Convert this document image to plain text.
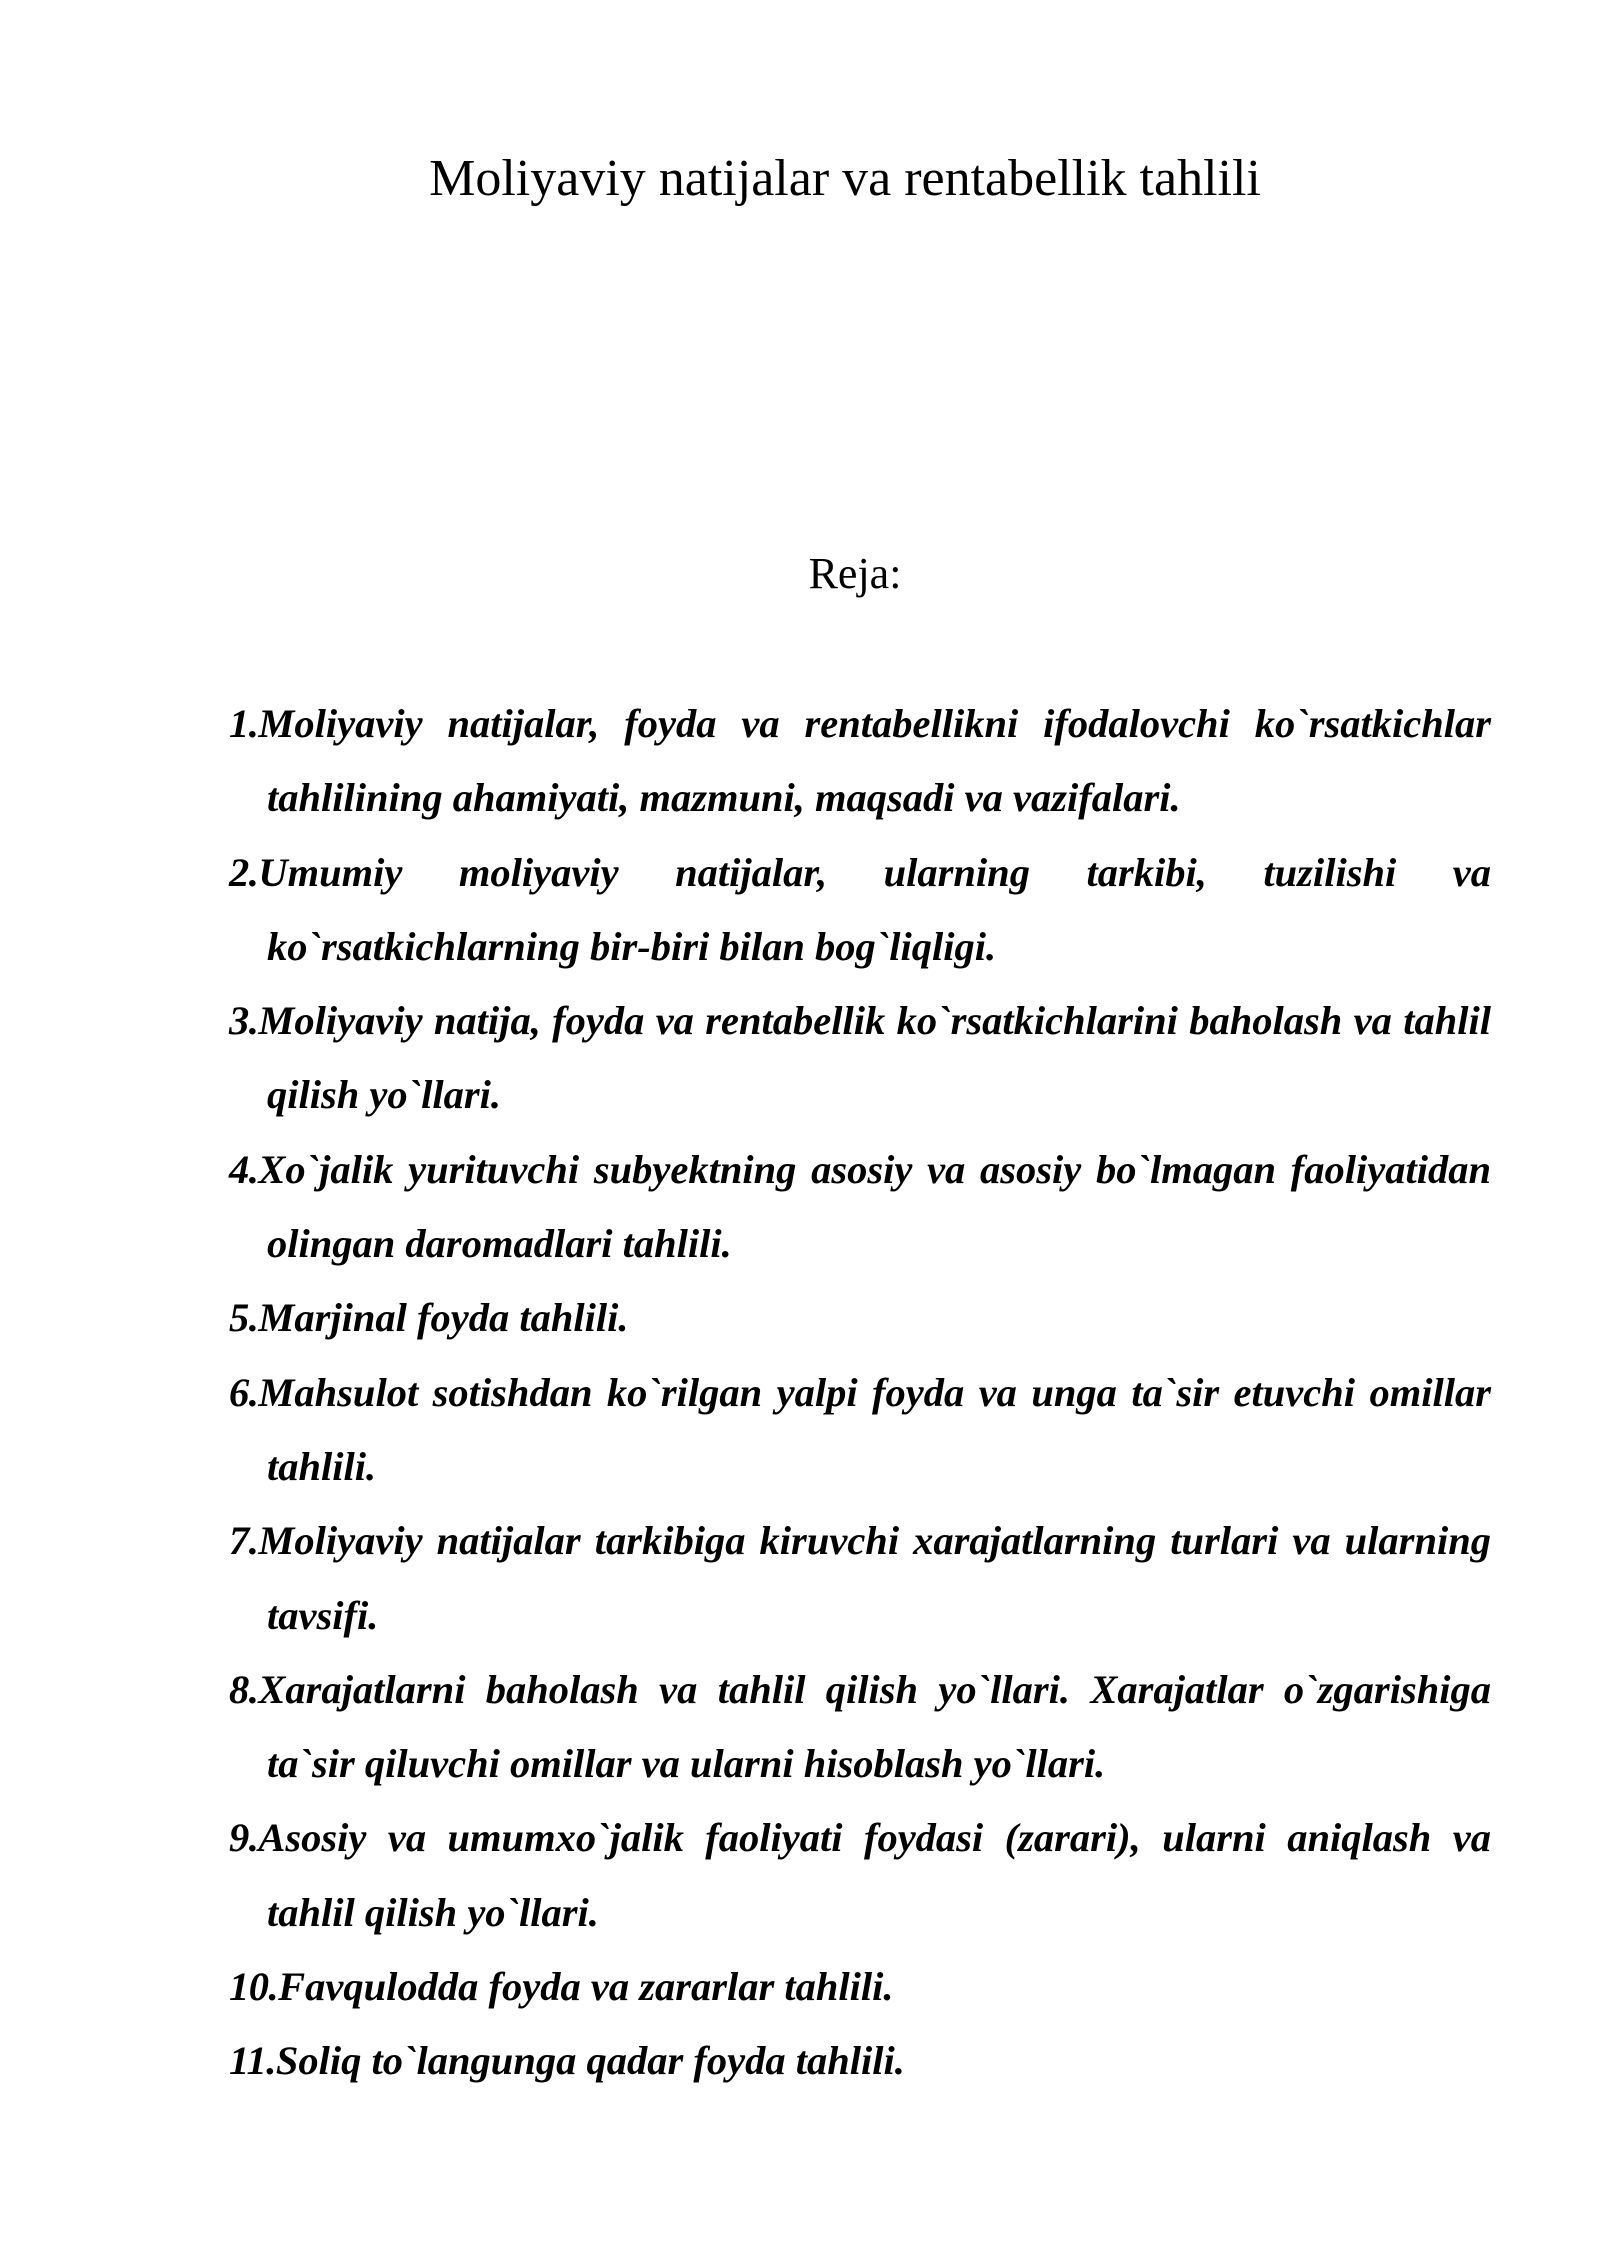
Moliyaviy natijalar va rentabellik tahlili
Reja:
1.Moliyaviy natijalar, foyda va rentabellikni ifodalovchi ko`rsatkichlar tahlilining ahamiyati, mazmuni, maqsadi va vazifalari.
2.Umumiy moliyaviy natijalar, ularning tarkibi, tuzilishi va ko`rsatkichlarning bir-biri bilan bog`liqligi.
3.Moliyaviy natija, foyda va rentabellik ko`rsatkichlarini baholash va tahlil qilish yo`llari.
4.Xo`jalik yurituvchi subyektning asosiy va asosiy bo`lmagan faoliyatidan olingan daromadlari tahlili.
5.Marjinal foyda tahlili.
6.Mahsulot sotishdan ko`rilgan yalpi foyda va unga ta`sir etuvchi omillar tahlili.
7.Moliyaviy natijalar tarkibiga kiruvchi xarajatlarning turlari va ularning tavsifi.
8.Xarajatlarni baholash va tahlil qilish yo`llari. Xarajatlar o`zgarishiga ta`sir qiluvchi omillar va ularni hisoblash yo`llari.
9.Asosiy va umumxo`jalik faoliyati foydasi (zarari), ularni aniqlash va tahlil qilish yo`llari.
10.Favqulodda foyda va zararlar tahlili.
11.Soliq to`langunga qadar foyda tahlili.
